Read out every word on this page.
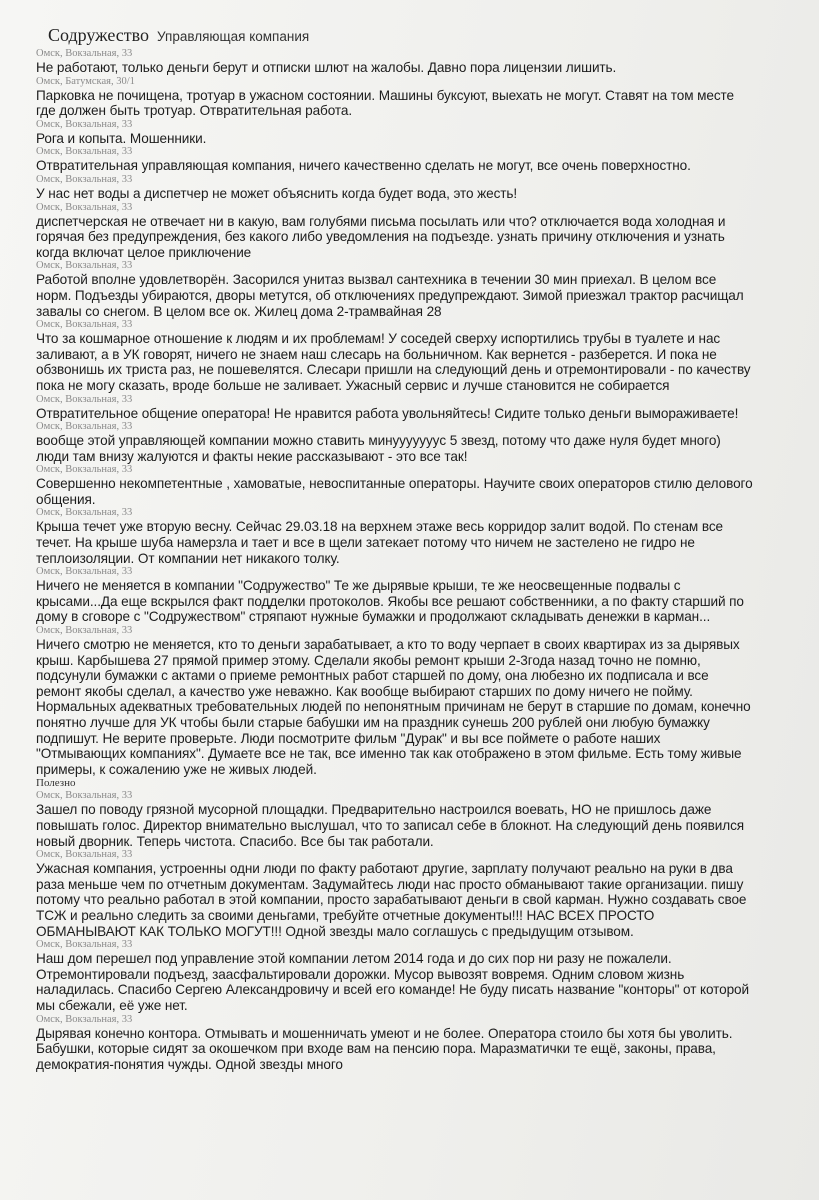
Содружество Управляющая компания
Омск, Вокзальная, 33
Не работают, только деньги берут и отписки шлют на жалобы. Давно пора лицензии лишить.
Омск, Батумская, 30/1
Парковка не почищена, тротуар в ужасном состоянии. Машины буксуют, выехать не могут. Ставят на том месте
где должен быть тротуар. Отвратительная работа.
Омск, Вокзальная, 33
Рога и копыта. Мошенники.
Омск, Вокзальная, 33
Отвратительная управляющая компания, ничего качественно сделать не могут, все очень поверхностно.
Омск, Вокзальная, 33
У нас нет воды а диспетчер не может объяснить когда будет вода, это жесть!
Омск, Вокзальная, 33
диспетчерская не отвечает ни в какую, вам голубями письма посылать или что? отключается вода холодная и
горячая без предупреждения, без какого либо уведомления на подъезде. узнать причину отключения и узнать
когда включат целое приключение
Омск, Вокзальная, 33
Работой вполне удовлетворён. Засорился унитаз вызвал сантехника в течении 30 мин приехал. В целом все
норм. Подъезды убираются, дворы метутся, об отключениях предупреждают. Зимой приезжал трактор расчищал
завалы со снегом. В целом все ок. Жилец дома 2-трамвайная 28
Омск, Вокзальная, 33
Что за кошмарное отношение к людям и их проблемам! У соседей сверху испортились трубы в туалете и нас
заливают, а в УК говорят, ничего не знаем наш слесарь на больничном. Как вернется - разберется. И пока не
обзвонишь их триста раз, не пошевелятся. Слесари пришли на следующий день и отремонтировали - по качеству
пока не могу сказать, вроде больше не заливает. Ужасный сервис и лучше становится не собирается
Омск, Вокзальная, 33
Отвратительное общение оператора! Не нравится работа увольняйтесь! Сидите только деньги вымораживаете!
Омск, Вокзальная, 33
вообще этой управляющей компании можно ставить минуууууууc 5 звезд, потому что даже нуля будет много)
люди там внизу жалуются и факты некие рассказывают - это все так!
Омск, Вокзальная, 33
Совершенно некомпетентные , хамоватые, невоспитанные операторы. Научите своих операторов стилю делового
общения.
Омск, Вокзальная, 33
Крыша течет уже вторую весну. Сейчас 29.03.18 на верхнем этаже весь корридор залит водой. По стенам все
течет. На крыше шуба намерзла и тает и все в щели затекает потому что ничем не застелено не гидро не
теплоизоляции. От компании нет никакого толку.
Омск, Вокзальная, 33
Ничего не меняется в компании "Содружество" Те же дырявые крыши, те же неосвещенные подвалы с
крысами...Да еще вскрылся факт подделки протоколов. Якобы все решают собственники, а по факту старший по
дому в сговоре с "Содружеством" стряпают нужные бумажки и продолжают складывать денежки в карман...
Омск, Вокзальная, 33
Ничего смотрю не меняется, кто то деньги зарабатывает, а кто то воду черпает в своих квартирах из за дырявых
крыш. Карбышева 27 прямой пример этому. Сделали якобы ремонт крыши 2-3года назад точно не помню,
подсунули бумажки с актами о приеме ремонтных работ старшей по дому, она любезно их подписала и все
ремонт якобы сделал, а качество уже неважно. Как вообще выбирают старших по дому ничего не пойму.
Нормальных адекватных требовательных людей по непонятным причинам не берут в старшие по домам, конечно
понятно лучше для УК чтобы были старые бабушки им на праздник сунешь 200 рублей они любую бумажку
подпишут. Не верите проверьте. Люди посмотрите фильм "Дурак" и вы все поймете о работе наших
"Отмывающих компаниях". Думаете все не так, все именно так как отображено в этом фильме. Есть тому живые
примеры, к сожалению уже не живых людей.
Полезно
Омск, Вокзальная, 33
Зашел по поводу грязной мусорной площадки. Предварительно настроился воевать, НО не пришлось даже
повышать голос. Директор внимательно выслушал, что то записал себе в блокнот. На следующий день появился
новый дворник. Теперь чистота. Спасибо. Все бы так работали.
Омск, Вокзальная, 33
Ужасная компания, устроенны одни люди по факту работают другие, зарплату получают реально на руки в два
раза меньше чем по отчетным документам. Задумайтесь люди нас просто обманывают такие организации. пишу
потому что реально работал в этой компании, просто зарабатывают деньги в свой карман. Нужно создавать свое
ТСЖ и реально следить за своими деньгами, требуйте отчетные документы!!! НАС ВСЕХ ПРОСТО
ОБМАНЫВАЮТ КАК ТОЛЬКО МОГУТ!!! Одной звезды мало соглашусь с предыдущим отзывом.
Омск, Вокзальная, 33
Наш дом перешел под управление этой компании летом 2014 года и до сих пор ни разу не пожалели.
Отремонтировали подъезд, заасфальтировали дорожки. Мусор вывозят вовремя. Одним словом жизнь
наладилась. Спасибо Сергею Александровичу и всей его команде! Не буду писать название "конторы" от которой
мы сбежали, её уже нет.
Омск, Вокзальная, 33
Дырявая конечно контора. Отмывать и мошенничать умеют и не более. Оператора стоило бы хотя бы уволить.
Бабушки, которые сидят за окошечком при входе вам на пенсию пора. Маразматички те ещё, законы, права,
демократия-понятия чужды. Одной звезды много
